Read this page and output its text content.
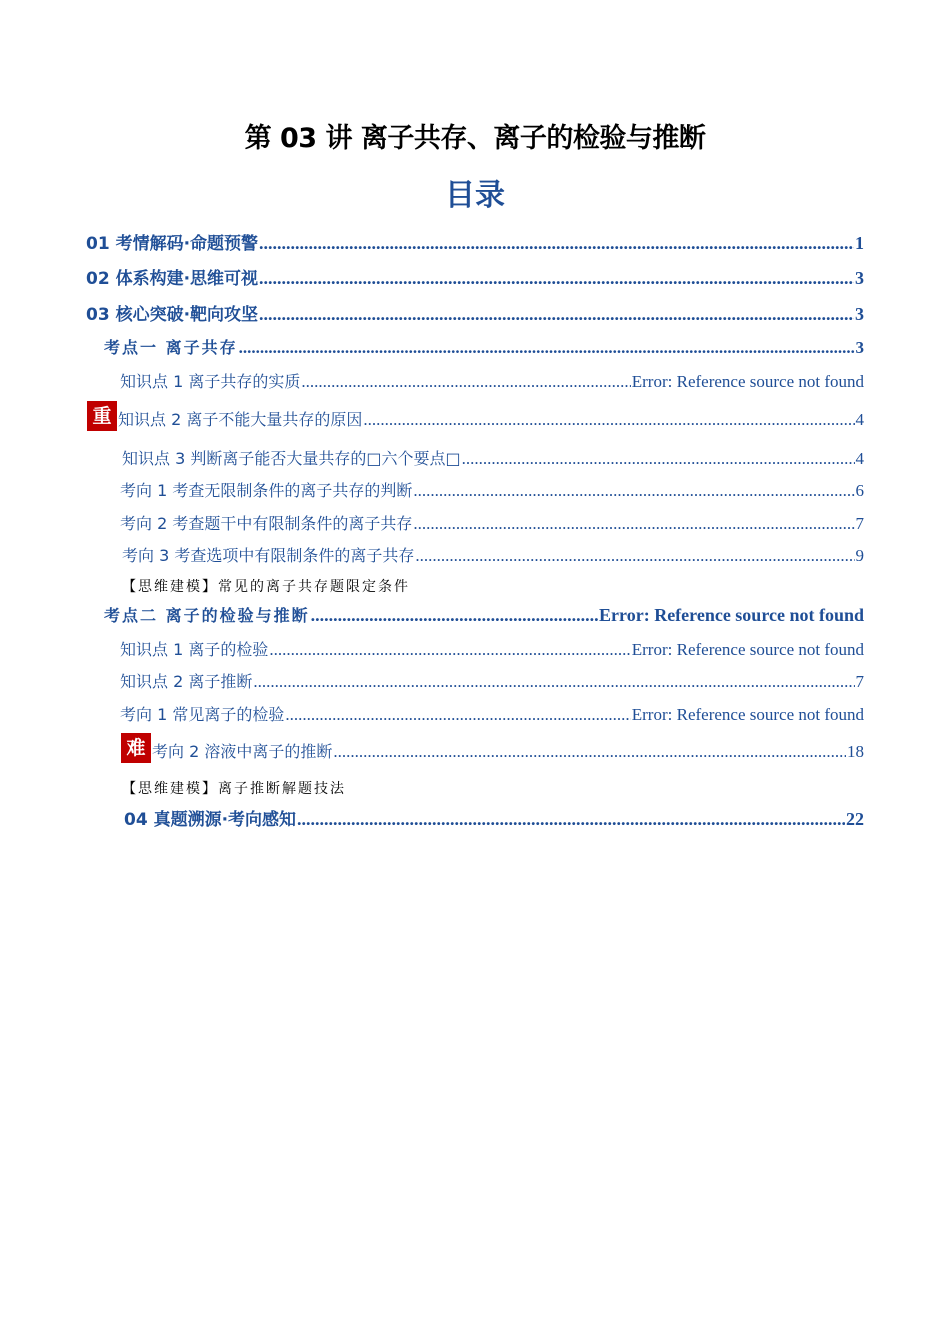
第 03 讲 离子共存、离子的检验与推断
目录
01 考情解码·命题预警 .....	1
02 体系构建·思维可视 .....	3
03 核心突破·靶向攻坚 .....	3
考点一 离子共存 .....	3
知识点 1 离子共存的实质 .....	Error: Reference source not found
重 知识点 2 离子不能大量共存的原因 .....	4
知识点 3 判断离子能否大量共存的□六个要点□ .....	4
考向 1 考查无限制条件的离子共存的判断 .....	6
考向 2 考查题干中有限制条件的离子共存 .....	7
考向 3 考查选项中有限制条件的离子共存 .....	9
【思维建模】常见的离子共存题限定条件
考点二 离子的检验与推断 .....	Error: Reference source not found
知识点 1 离子的检验 .....	Error: Reference source not found
知识点 2 离子推断 .....	7
考向 1 常见离子的检验 .....	Error: Reference source not found
难 考向 2 溶液中离子的推断 .....	18
【思维建模】离子推断解题技法
04 真题溯源·考向感知 .....	22
